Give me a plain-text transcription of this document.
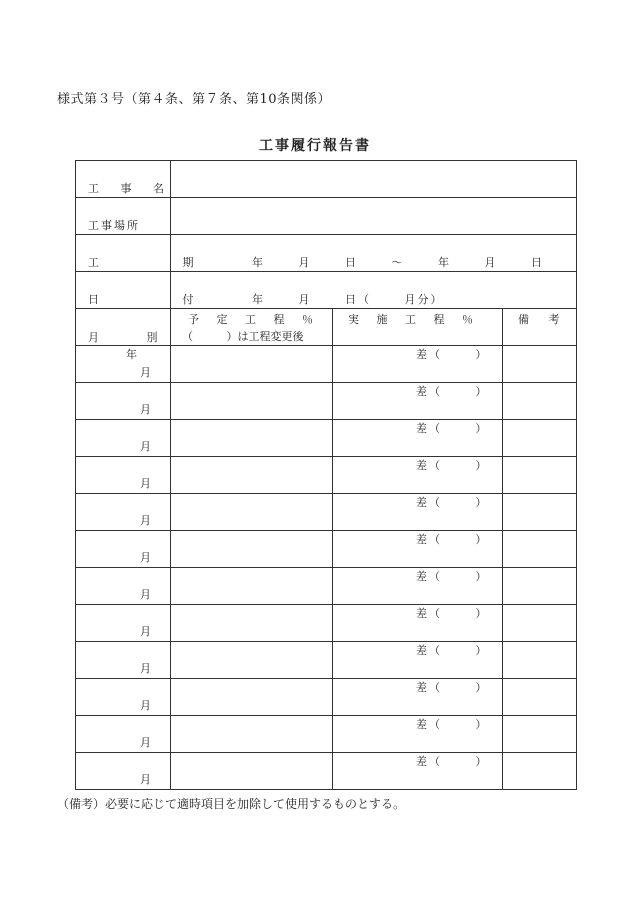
様式第３号（第４条、第７条、第10条関係）
工事履行報告書
工 事 名
工事場所
工 期 年 月 日 ～ 年 月 日
日 付 年 月 日（ 月分）
月 別
予 定 工 程 ％
（ ）は工程変更後
実 施 工 程 ％	備 考
年
月
差（ ）
月
差（ ）
月
差（ ）
月
差（ ）
月
差（ ）
月
差（ ）
月
差（ ）
月
差（ ）
月
差（ ）
月
差（ ）
月
差（ ）
月
差（ ）
（備考）必要に応じて適時項目を加除して使用するものとする。
